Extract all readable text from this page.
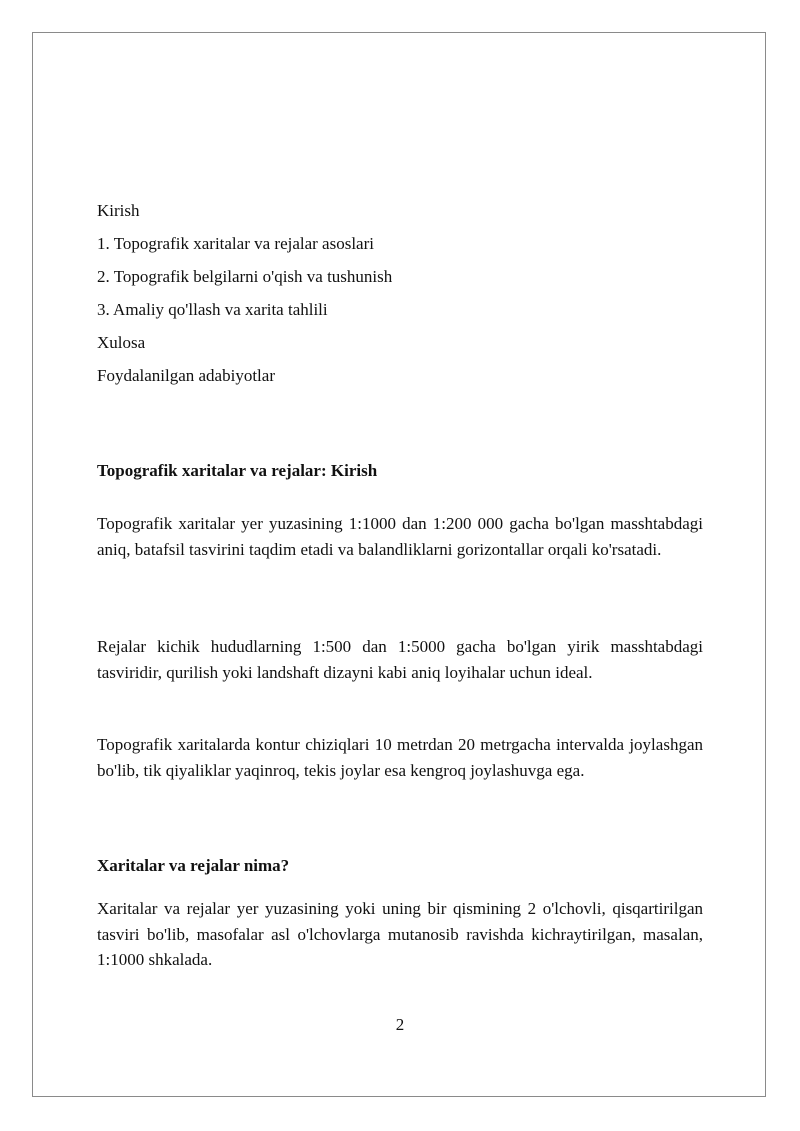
Kirish
1. Topografik xaritalar va rejalar asoslari
2. Topografik belgilarni o'qish va tushunish
3. Amaliy qo'llash va xarita tahlili
Xulosa
Foydalanilgan adabiyotlar
Topografik xaritalar va rejalar: Kirish

Topografik xaritalar yer yuzasining 1:1000 dan 1:200 000 gacha bo'lgan masshtabdagi aniq, batafsil tasvirini taqdim etadi va balandliklarni gorizontallar orqali ko'rsatadi.

Rejalar kichik hududlarning 1:500 dan 1:5000 gacha bo'lgan yirik masshtabdagi tasviridir, qurilish yoki landshaft dizayni kabi aniq loyihalar uchun ideal.

Topografik xaritalarda kontur chiziqlari 10 metrdan 20 metrgacha intervalda joylashgan bo'lib, tik qiyaliklar yaqinroq, tekis joylar esa kengroq joylashuvga ega.

Xaritalar va rejalar nima?

Xaritalar va rejalar yer yuzasining yoki uning bir qismining 2 o'lchovli, qisqartirilgan tasviri bo'lib, masofalar asl o'lchovlarga mutanosib ravishda kichraytirilgan, masalan, 1:1000 shkalada.

2
